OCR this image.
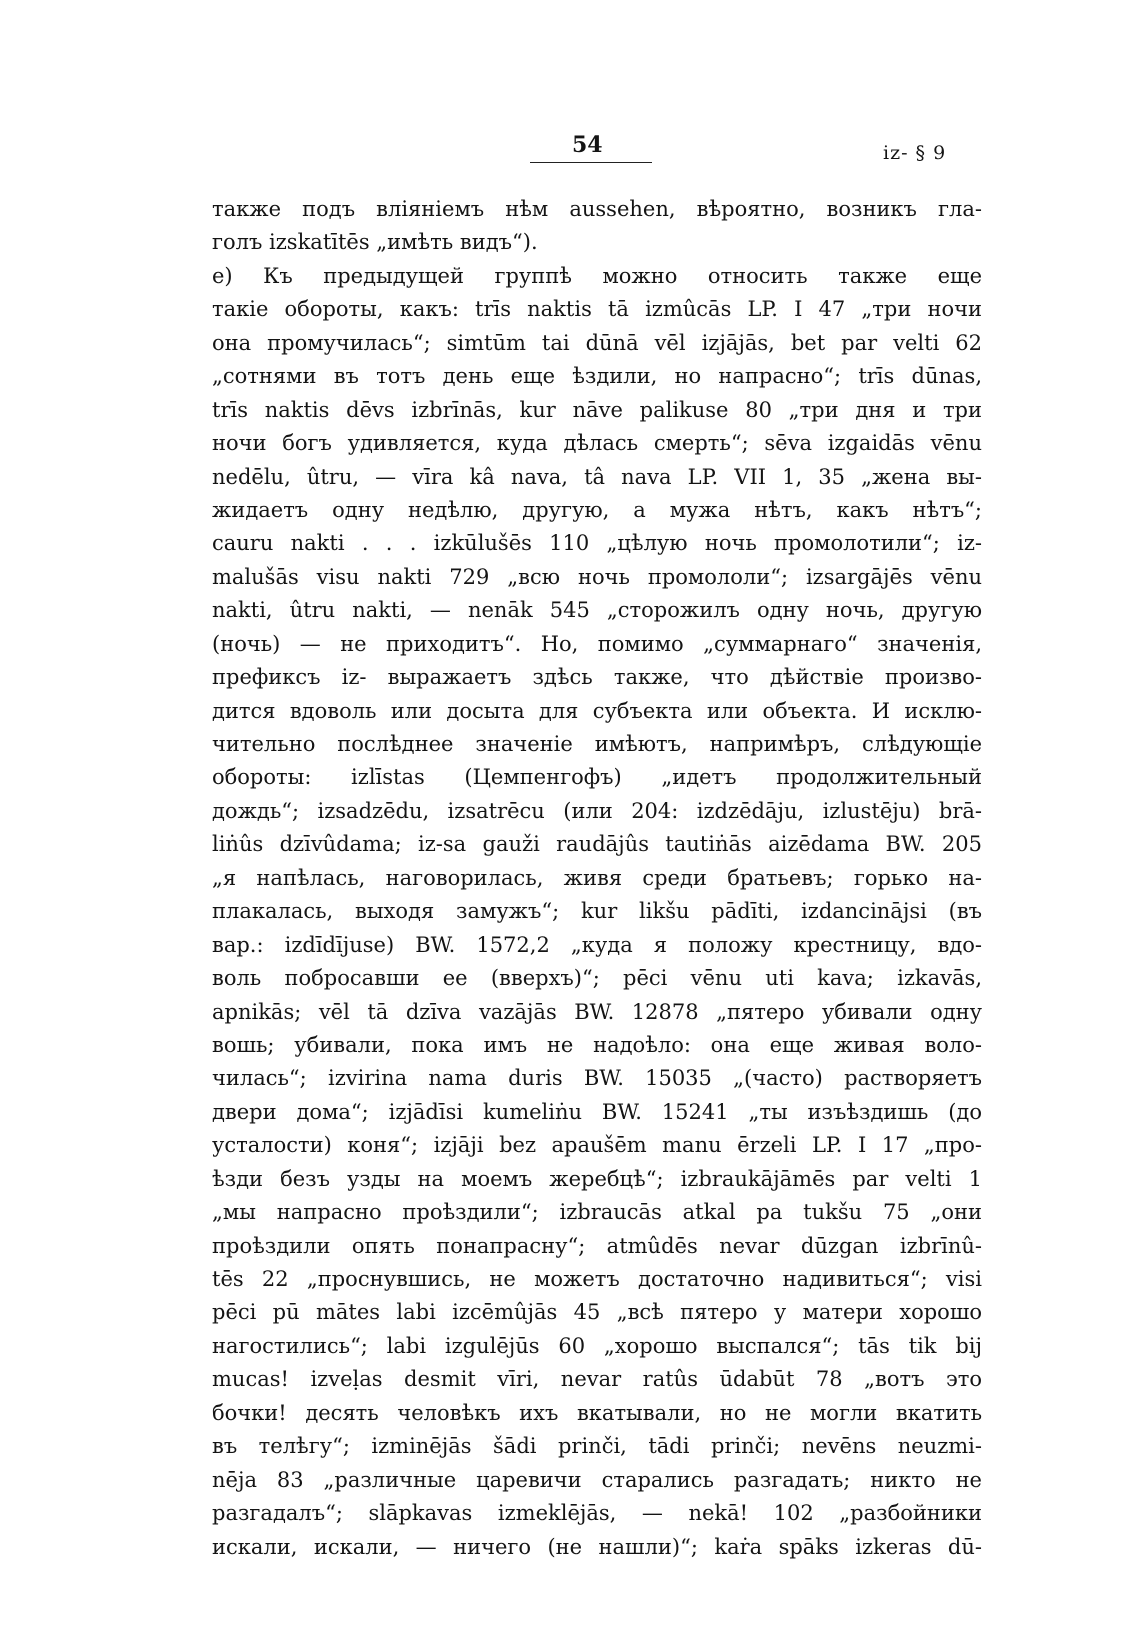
54	iz- § 9
также подъ вліяніемъ нѣм aussehen, вѣроятно, возникъ гла-
голъ izskatītēs „имѣть видъ“).
е) Къ предыдущей группѣ можно относить также еще
такіе обороты, какъ: trīs naktis tā izmûcās LP. I 47 „три ночи
она промучилась“; simtūm tai dūnā vēl izjājās, bet par velti 62
„сотнями въ тотъ день еще ѣздили, но напрасно“; trīs dūnas,
trīs naktis dēvs izbrīnās, kur nāve palikuse 80 „три дня и три
ночи богъ удивляется, куда дѣлась смерть“; sēva izgaidās vēnu
nedēlu, ûtru, — vīra kâ nava, tâ nava LP. VII 1, 35 „жена вы-
жидаетъ одну недѣлю, другую, а мужа нѣтъ, какъ нѣтъ“;
cauru nakti . . . izkūlušēs 110 „цѣлую ночь промолотили“; iz-
malušās visu nakti 729 „всю ночь промололи“; izsargājēs vēnu
nakti, ûtru nakti, — nenāk 545 „сторожилъ одну ночь, другую
(ночь) — не приходитъ“. Но, помимо „суммарнаго“ значенія,
префиксъ iz- выражаетъ здѣсь также, что дѣйствіе произво-
дится вдоволь или досыта для субъекта или объекта. И исклю-
чительно послѣднее значеніе имѣютъ, напримѣръ, слѣдующіе
обороты: izlīstas (Цемпенгофъ) „идетъ продолжительный
дождь“; izsadzēdu, izsatrēcu (или 204: izdzēdāju, izlustēju) brā-
liṅûs dzīvûdama; iz-sa gauži raudājûs tautiṅās aizēdama BW. 205
„я напѣлась, наговорилась, живя среди братьевъ; горько на-
плакалась, выходя замужъ“; kur likšu pādīti, izdancinājsi (въ
вар.: izdīdījuse) BW. 1572,2 „куда я положу крестницу, вдо-
воль побросавши ее (вверхъ)“; pēci vēnu uti kava; izkavās,
apnikās; vēl tā dzīva vazājās BW. 12878 „пятеро убивали одну
вошь; убивали, пока имъ не надоѣло: она еще живая воло-
чилась“; izvirina nama duris BW. 15035 „(часто) растворяетъ
двери дома“; izjādīsi kumeliṅu BW. 15241 „ты изъѣздишь (до
усталости) коня“; izjāji bez apaušēm manu ērzeli LP. I 17 „про-
ѣзди безъ узды на моемъ жеребцѣ“; izbraukājāmēs par velti 1
„мы напрасно проѣздили“; izbraucās atkal pa tukšu 75 „они
проѣздили опять понапрасну“; atmûdēs nevar dūzgan izbrīnû-
tēs 22 „проснувшись, не можетъ достаточно надивиться“; visi
pēci pū mātes labi izcēmûjās 45 „всѣ пятеро у матери хорошо
нагостились“; labi izgulējūs 60 „хорошо выспался“; tās tik bij
mucas! izveḷas desmit vīri, nevar ratûs ūdabūt 78 „вотъ это
бочки! десять человѣкъ ихъ вкатывали, но не могли вкатить
въ телѣгу“; izminējās šādi prinči, tādi prinči; nevēns neuzmi-
nēja 83 „различные царевичи старались разгадать; никто не
разгадалъ“; slāpkavas izmeklējās, — nekā! 102 „разбойники
искали, искали, — ничего (не нашли)“; kaṙa spāks izkeras dū-
